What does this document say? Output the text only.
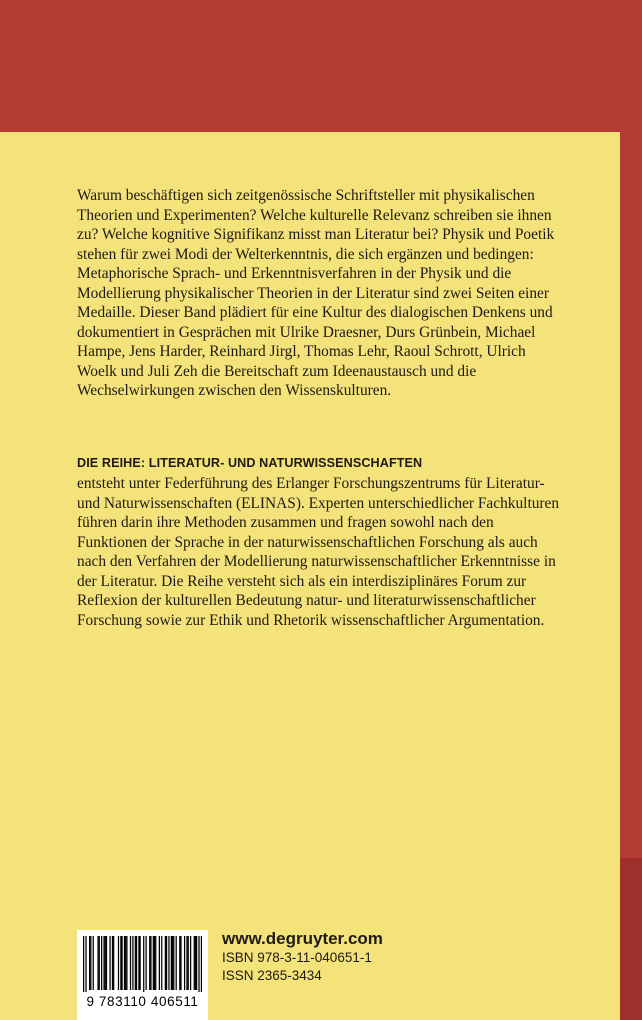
Warum beschäftigen sich zeitgenössische Schriftsteller mit physikalischen Theorien und Experimenten? Welche kulturelle Relevanz schreiben sie ihnen zu? Welche kognitive Signifikanz misst man Literatur bei? Physik und Poetik stehen für zwei Modi der Welterkenntnis, die sich ergänzen und bedingen: Metaphorische Sprach- und Erkenntnisverfahren in der Physik und die Modellierung physikalischer Theorien in der Literatur sind zwei Seiten einer Medaille. Dieser Band plädiert für eine Kultur des dialogischen Denkens und dokumentiert in Gesprächen mit Ulrike Draesner, Durs Grünbein, Michael Hampe, Jens Harder, Reinhard Jirgl, Thomas Lehr, Raoul Schrott, Ulrich Woelk und Juli Zeh die Bereitschaft zum Ideenaustausch und die Wechselwirkungen zwischen den Wissenskulturen.

DIE REIHE: LITERATUR- UND NATURWISSENSCHAFTEN

entsteht unter Federführung des Erlanger Forschungszentrums für Literatur- und Naturwissenschaften (ELINAS). Experten unterschiedlicher Fachkulturen führen darin ihre Methoden zusammen und fragen sowohl nach den Funktionen der Sprache in der naturwissenschaftlichen Forschung als auch nach den Verfahren der Modellierung naturwissenschaftlicher Erkenntnisse in der Literatur. Die Reihe versteht sich als ein interdisziplinäres Forum zur Reflexion der kulturellen Bedeutung natur- und literaturwissenschaftlicher Forschung sowie zur Ethik und Rhetorik wissenschaftlicher Argumentation.

9 783110 406511
www.degruyter.com
ISBN 978-3-11-040651-1
ISSN 2365-3434
